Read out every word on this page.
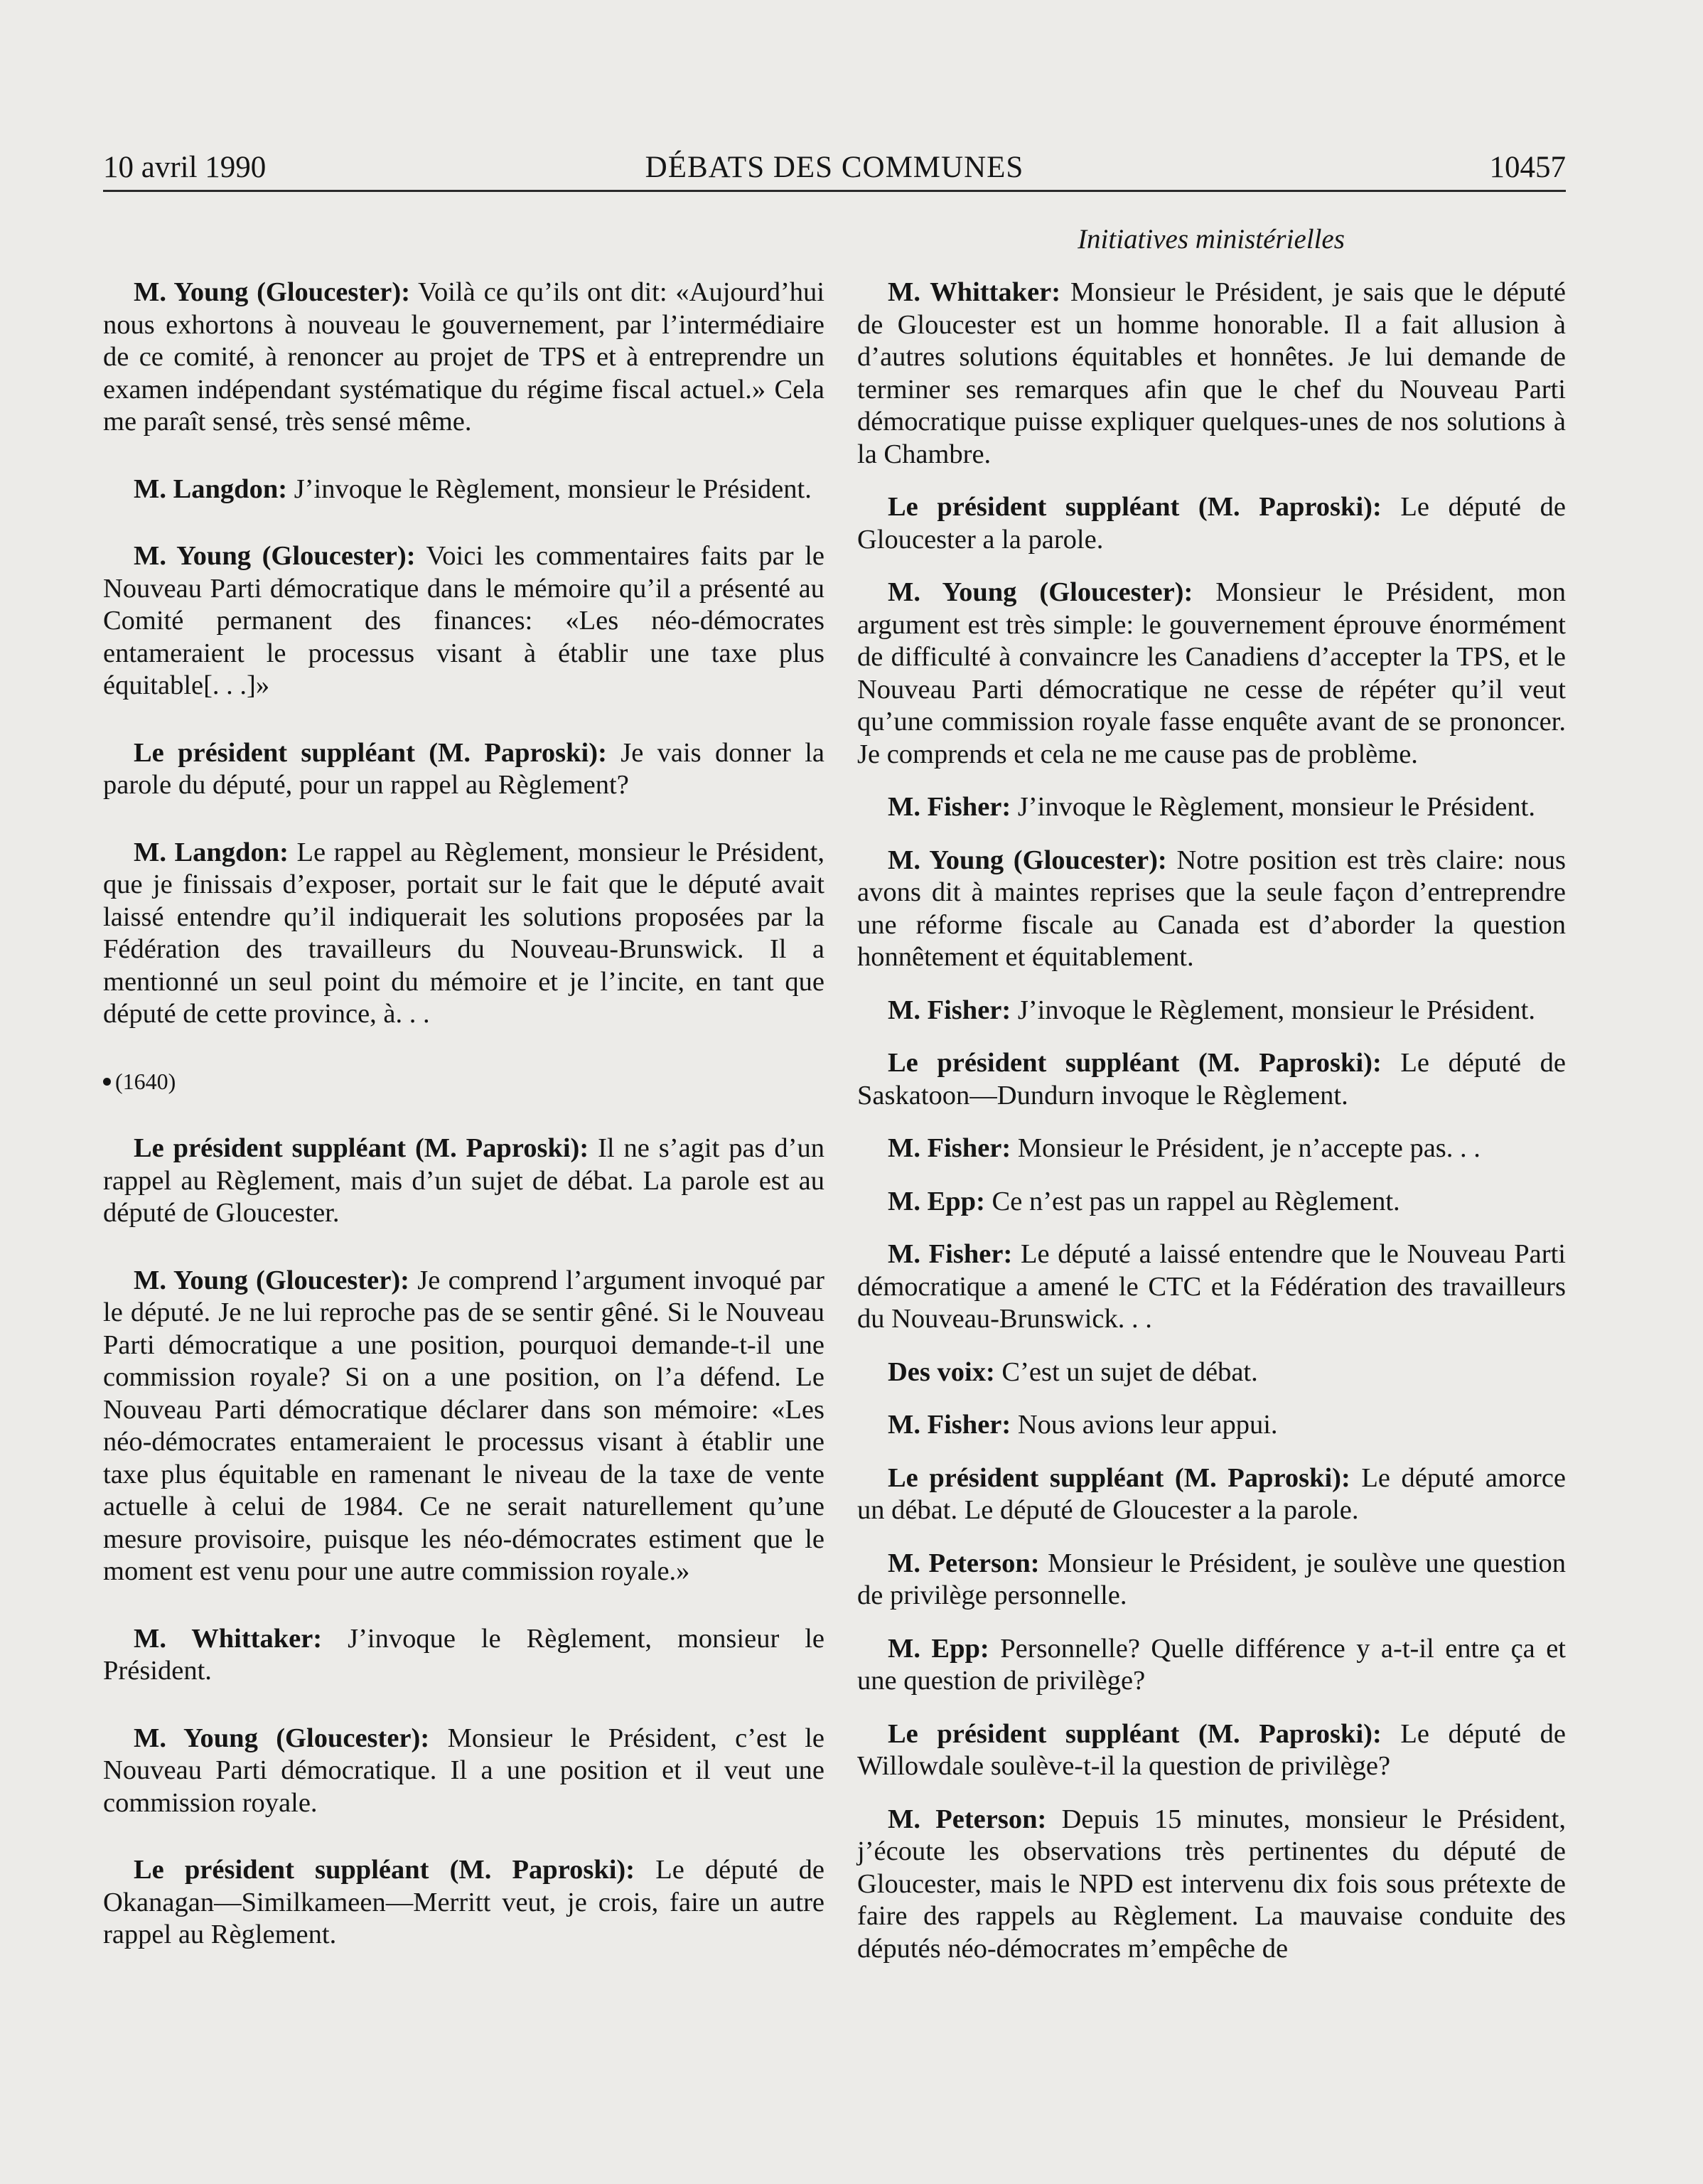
10 avril 1990	DÉBATS DES COMMUNES	10457
Initiatives ministérielles

M. Young (Gloucester): Voilà ce qu’ils ont dit: «Aujourd’hui nous exhortons à nouveau le gouvernement, par l’intermédiaire de ce comité, à renoncer au projet de TPS et à entreprendre un examen indépendant systématique du régime fiscal actuel.» Cela me paraît sensé, très sensé même.

M. Langdon: J’invoque le Règlement, monsieur le Président.

M. Young (Gloucester): Voici les commentaires faits par le Nouveau Parti démocratique dans le mémoire qu’il a présenté au Comité permanent des finances: «Les néo-démocrates entameraient le processus visant à établir une taxe plus équitable[. . .]»

Le président suppléant (M. Paproski): Je vais donner la parole du député, pour un rappel au Règlement?

M. Langdon: Le rappel au Règlement, monsieur le Président, que je finissais d’exposer, portait sur le fait que le député avait laissé entendre qu’il indiquerait les solutions proposées par la Fédération des travailleurs du Nouveau-Brunswick. Il a mentionné un seul point du mémoire et je l’incite, en tant que député de cette province, à. . .

(1640)

Le président suppléant (M. Paproski): Il ne s’agit pas d’un rappel au Règlement, mais d’un sujet de débat. La parole est au député de Gloucester.

M. Young (Gloucester): Je comprend l’argument invoqué par le député. Je ne lui reproche pas de se sentir gêné. Si le Nouveau Parti démocratique a une position, pourquoi demande-t-il une commission royale? Si on a une position, on l’a défend. Le Nouveau Parti démocratique déclarer dans son mémoire: «Les néo-démocrates entameraient le processus visant à établir une taxe plus équitable en ramenant le niveau de la taxe de vente actuelle à celui de 1984. Ce ne serait naturellement qu’une mesure provisoire, puisque les néo-démocrates estiment que le moment est venu pour une autre commission royale.»

M. Whittaker: J’invoque le Règlement, monsieur le Président.

M. Young (Gloucester): Monsieur le Président, c’est le Nouveau Parti démocratique. Il a une position et il veut une commission royale.

Le président suppléant (M. Paproski): Le député de Okanagan—Similkameen—Merritt veut, je crois, faire un autre rappel au Règlement.

M. Whittaker: Monsieur le Président, je sais que le député de Gloucester est un homme honorable. Il a fait allusion à d’autres solutions équitables et honnêtes. Je lui demande de terminer ses remarques afin que le chef du Nouveau Parti démocratique puisse expliquer quelques-unes de nos solutions à la Chambre.

Le président suppléant (M. Paproski): Le député de Gloucester a la parole.

M. Young (Gloucester): Monsieur le Président, mon argument est très simple: le gouvernement éprouve énormément de difficulté à convaincre les Canadiens d’accepter la TPS, et le Nouveau Parti démocratique ne cesse de répéter qu’il veut qu’une commission royale fasse enquête avant de se prononcer. Je comprends et cela ne me cause pas de problème.

M. Fisher: J’invoque le Règlement, monsieur le Président.

M. Young (Gloucester): Notre position est très claire: nous avons dit à maintes reprises que la seule façon d’entreprendre une réforme fiscale au Canada est d’aborder la question honnêtement et équitablement.

M. Fisher: J’invoque le Règlement, monsieur le Président.

Le président suppléant (M. Paproski): Le député de Saskatoon—Dundurn invoque le Règlement.

M. Fisher: Monsieur le Président, je n’accepte pas. . .

M. Epp: Ce n’est pas un rappel au Règlement.

M. Fisher: Le député a laissé entendre que le Nouveau Parti démocratique a amené le CTC et la Fédération des travailleurs du Nouveau-Brunswick. . .

Des voix: C’est un sujet de débat.

M. Fisher: Nous avions leur appui.

Le président suppléant (M. Paproski): Le député amorce un débat. Le député de Gloucester a la parole.

M. Peterson: Monsieur le Président, je soulève une question de privilège personnelle.

M. Epp: Personnelle? Quelle différence y a-t-il entre ça et une question de privilège?

Le président suppléant (M. Paproski): Le député de Willowdale soulève-t-il la question de privilège?

M. Peterson: Depuis 15 minutes, monsieur le Président, j’écoute les observations très pertinentes du député de Gloucester, mais le NPD est intervenu dix fois sous prétexte de faire des rappels au Règlement. La mauvaise conduite des députés néo-démocrates m’empêche de
